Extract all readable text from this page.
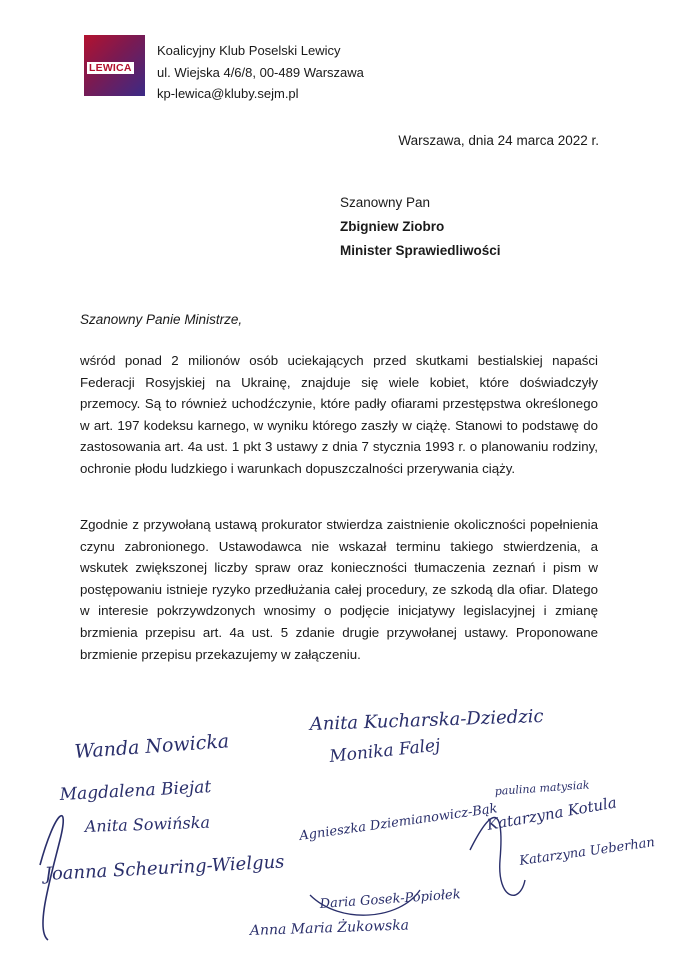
LEWICA
Koalicyjny Klub Poselski Lewicy
ul. Wiejska 4/6/8, 00-489 Warszawa
kp-lewica@kluby.sejm.pl
Warszawa, dnia 24 marca 2022 r.
Szanowny Pan
Zbigniew Ziobro
Minister Sprawiedliwości
Szanowny Panie Ministrze,

wśród ponad 2 milionów osób uciekających przed skutkami bestialskiej napaści Federacji Rosyjskiej na Ukrainę, znajduje się wiele kobiet, które doświadczyły przemocy. Są to również uchodźczynie, które padły ofiarami przestępstwa określonego w art. 197 kodeksu karnego, w wyniku którego zaszły w ciążę. Stanowi to podstawę do zastosowania art. 4a ust. 1 pkt 3 ustawy z dnia 7 stycznia 1993 r. o planowaniu rodziny, ochronie płodu ludzkiego i warunkach dopuszczalności przerywania ciąży.

Zgodnie z przywołaną ustawą prokurator stwierdza zaistnienie okoliczności popełnienia czynu zabronionego. Ustawodawca nie wskazał terminu takiego stwierdzenia, a wskutek zwiększonej liczby spraw oraz konieczności tłumaczenia zeznań i pism w postępowaniu istnieje ryzyko przedłużania całej procedury, ze szkodą dla ofiar. Dlatego w interesie pokrzywdzonych wnosimy o podjęcie inicjatywy legislacyjnej i zmianę brzmienia przepisu art. 4a ust. 5 zdanie drugie przywołanej ustawy. Proponowane brzmienie przepisu przekazujemy w załączeniu.

Anita Kucharska-Dziedzic
Wanda Nowicka	Monika Falej
Magdalena Biejat	paulina matysiak
Anita Sowińska	Agnieszka Dziemianowicz-Bąk
Katarzyna Kotula
Joanna Scheuring-Wielgus	Katarzyna Ueberhan
Daria Gosek-Popiołek
Anna Maria Żukowska
